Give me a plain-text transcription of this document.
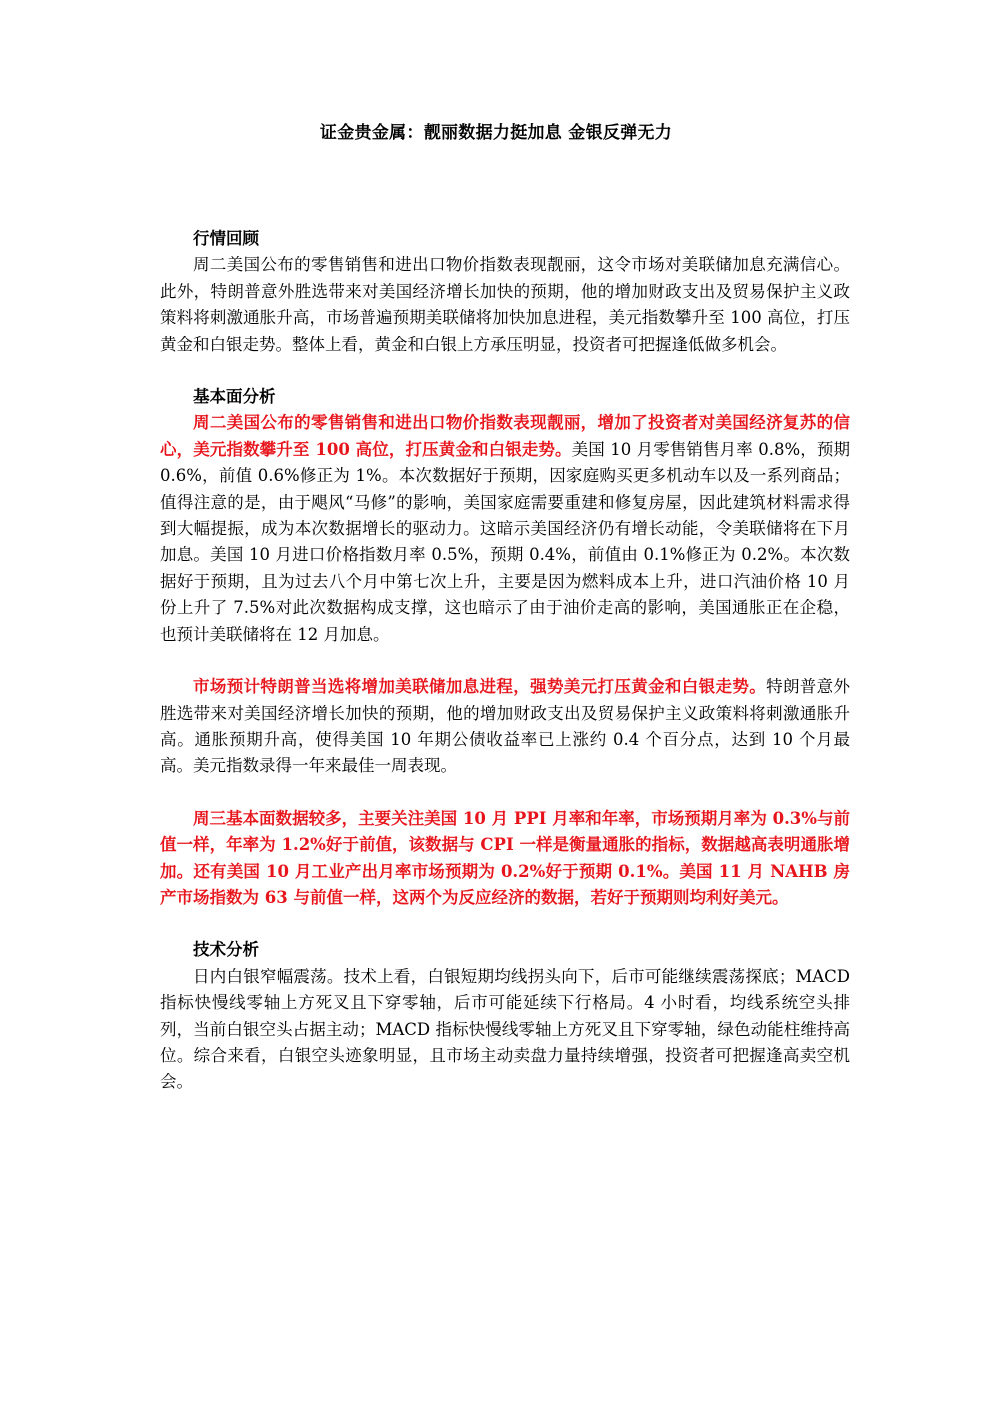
证金贵金属：靓丽数据力挺加息 金银反弹无力

行情回顾

周二美国公布的零售销售和进出口物价指数表现靓丽，这令市场对美联储加息充满信心。此外，特朗普意外胜选带来对美国经济增长加快的预期，他的增加财政支出及贸易保护主义政策料将刺激通胀升高，市场普遍预期美联储将加快加息进程，美元指数攀升至 100 高位，打压黄金和白银走势。整体上看，黄金和白银上方承压明显，投资者可把握逢低做多机会。

基本面分析

周二美国公布的零售销售和进出口物价指数表现靓丽，增加了投资者对美国经济复苏的信心，美元指数攀升至 100 高位，打压黄金和白银走势。美国 10 月零售销售月率 0.8%，预期 0.6%，前值 0.6%修正为 1%。本次数据好于预期，因家庭购买更多机动车以及一系列商品；值得注意的是，由于飓风“马修”的影响，美国家庭需要重建和修复房屋，因此建筑材料需求得到大幅提振，成为本次数据增长的驱动力。这暗示美国经济仍有增长动能，令美联储将在下月加息。美国 10 月进口价格指数月率 0.5%，预期 0.4%，前值由 0.1%修正为 0.2%。本次数据好于预期，且为过去八个月中第七次上升，主要是因为燃料成本上升，进口汽油价格 10 月份上升了 7.5%对此次数据构成支撑，这也暗示了由于油价走高的影响，美国通胀正在企稳，也预计美联储将在 12 月加息。

市场预计特朗普当选将增加美联储加息进程，强势美元打压黄金和白银走势。特朗普意外胜选带来对美国经济增长加快的预期，他的增加财政支出及贸易保护主义政策料将刺激通胀升高。通胀预期升高，使得美国 10 年期公债收益率已上涨约 0.4 个百分点，达到 10 个月最高。美元指数录得一年来最佳一周表现。

周三基本面数据较多，主要关注美国 10 月 PPI 月率和年率，市场预期月率为 0.3%与前值一样，年率为 1.2%好于前值，该数据与 CPI 一样是衡量通胀的指标，数据越高表明通胀增加。还有美国 10 月工业产出月率市场预期为 0.2%好于预期 0.1%。美国 11 月 NAHB 房产市场指数为 63 与前值一样，这两个为反应经济的数据，若好于预期则均利好美元。

技术分析

日内白银窄幅震荡。技术上看，白银短期均线拐头向下，后市可能继续震荡探底；MACD 指标快慢线零轴上方死叉且下穿零轴，后市可能延续下行格局。4 小时看，均线系统空头排列，当前白银空头占据主动；MACD 指标快慢线零轴上方死叉且下穿零轴，绿色动能柱维持高位。综合来看，白银空头迹象明显，且市场主动卖盘力量持续增强，投资者可把握逢高卖空机会。
